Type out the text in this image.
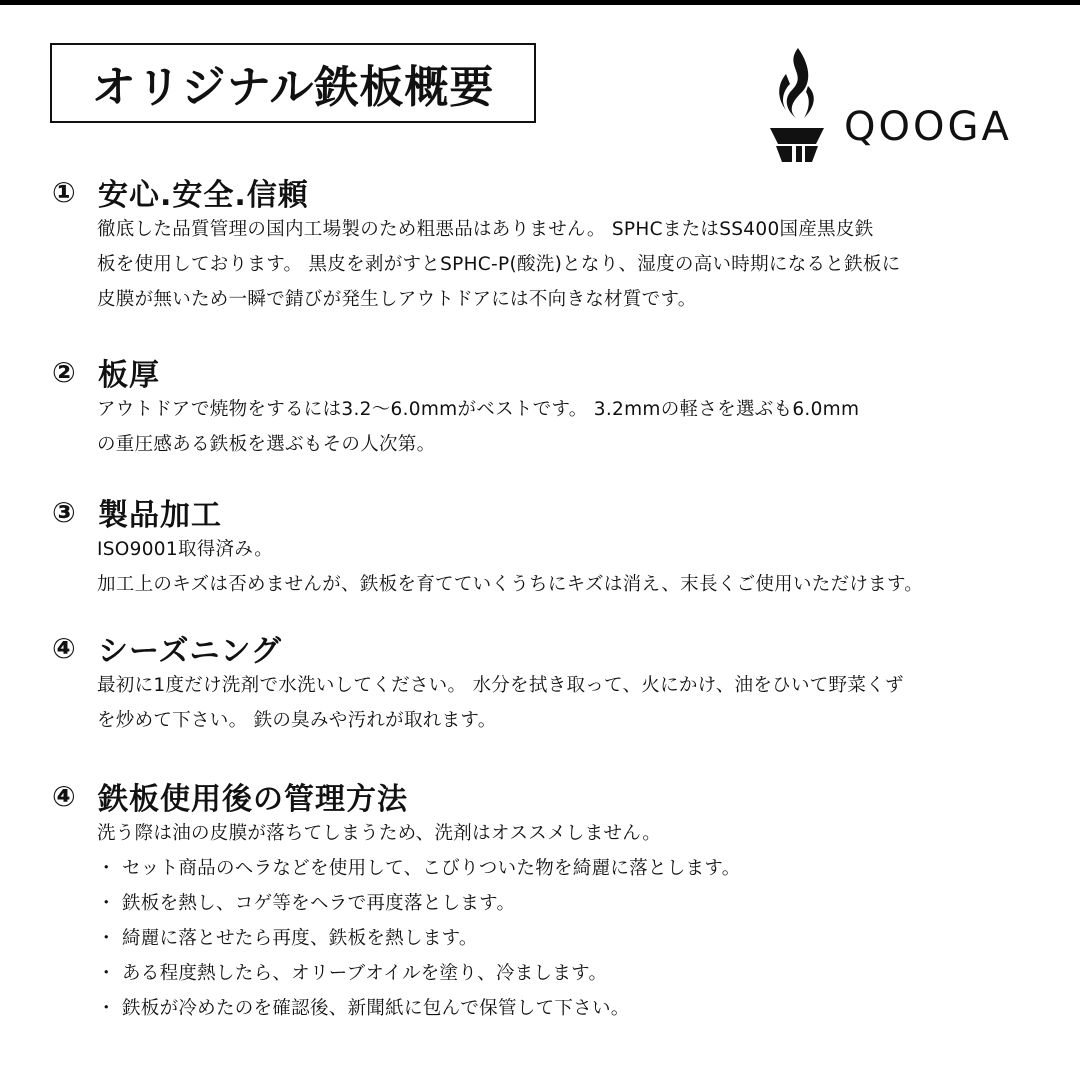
オリジナル鉄板概要
QOOGA
① 安心.安全.信頼
徹底した品質管理の国内工場製のため粗悪品はありません。 SPHCまたはSS400国産黒皮鉄
板を使用しております。 黒皮を剥がすとSPHC-P(酸洗)となり、湿度の高い時期になると鉄板に
皮膜が無いため一瞬で錆びが発生しアウトドアには不向きな材質です。
② 板厚
アウトドアで焼物をするには3.2〜6.0mmがベストです。 3.2mmの軽さを選ぶも6.0mm
の重圧感ある鉄板を選ぶもその人次第。
③ 製品加工
ISO9001取得済み。
加工上のキズは否めませんが、鉄板を育てていくうちにキズは消え、末長くご使用いただけます。
④ シーズニング
最初に1度だけ洗剤で水洗いしてください。 水分を拭き取って、火にかけ、油をひいて野菜くず
を炒めて下さい。 鉄の臭みや汚れが取れます。
④ 鉄板使用後の管理方法
洗う際は油の皮膜が落ちてしまうため、洗剤はオススメしません。
・ セット商品のヘラなどを使用して、こびりついた物を綺麗に落とします。
・ 鉄板を熱し、コゲ等をヘラで再度落とします。
・ 綺麗に落とせたら再度、鉄板を熱します。
・ ある程度熱したら、オリーブオイルを塗り、冷まします。
・ 鉄板が冷めたのを確認後、新聞紙に包んで保管して下さい。
